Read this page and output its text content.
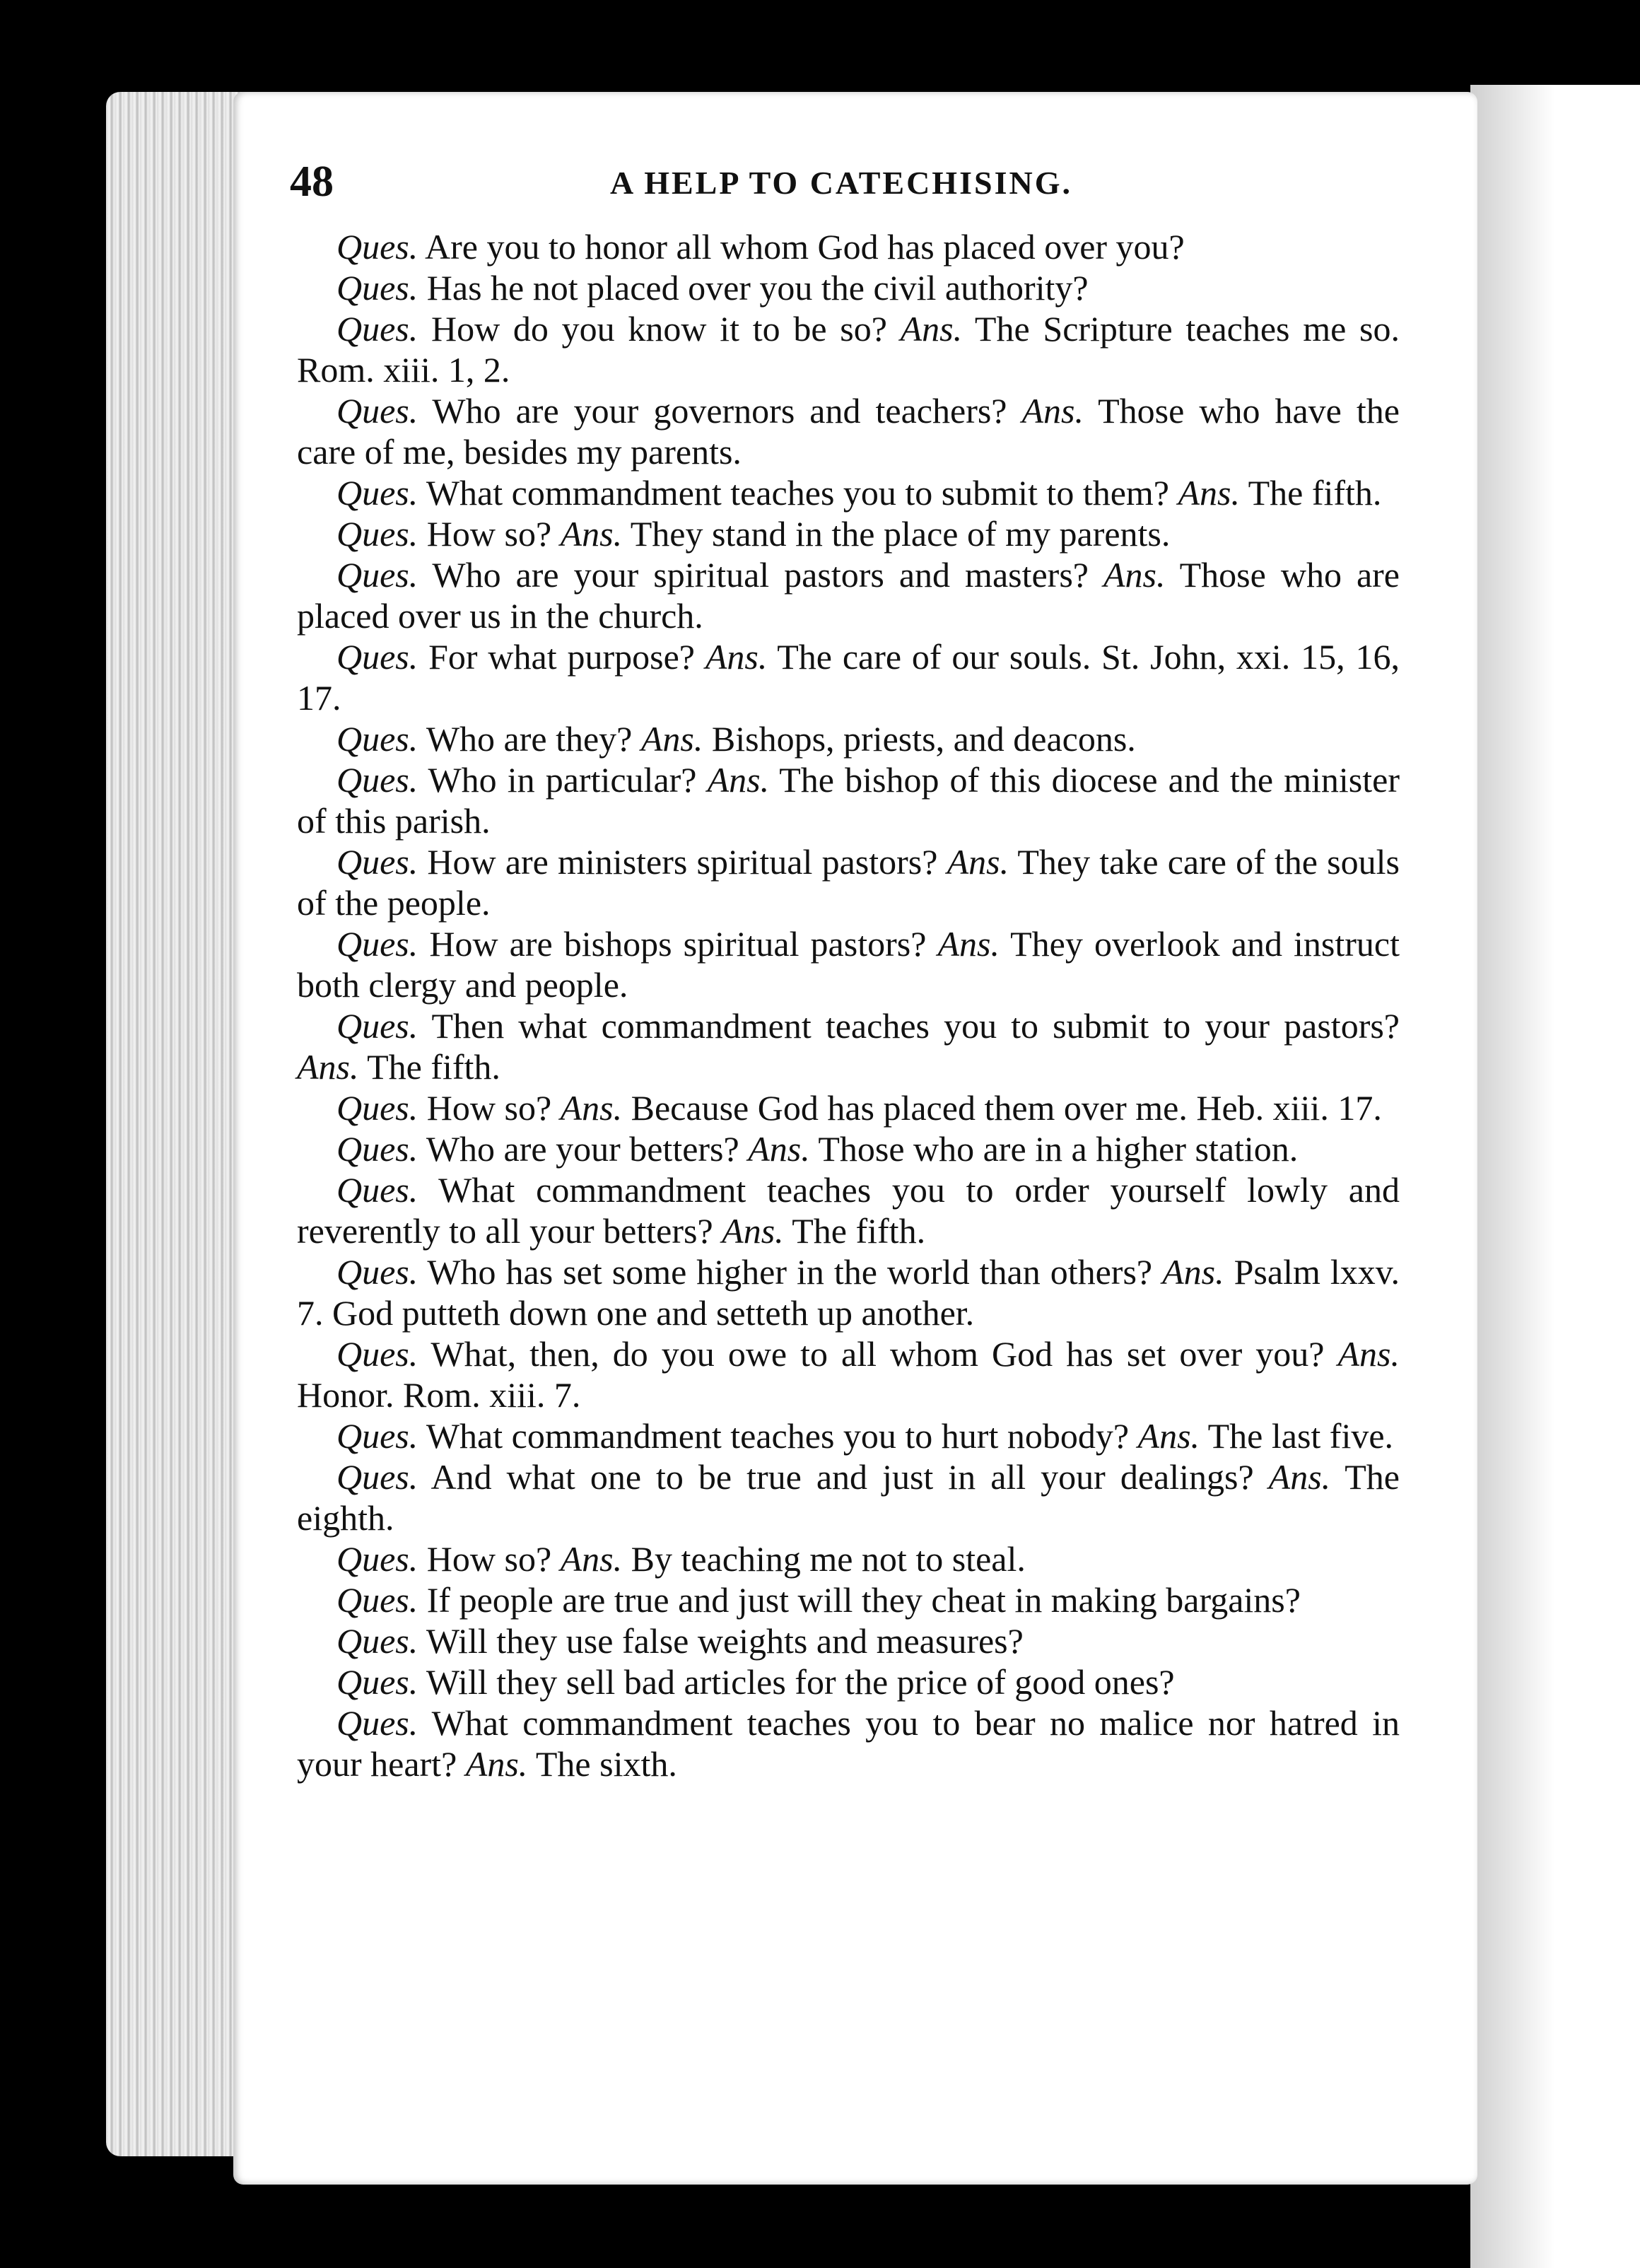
48	A HELP TO CATECHISING.

Ques. Are you to honor all whom God has placed over you?

Ques. Has he not placed over you the civil authority?

Ques. How do you know it to be so? Ans. The Scripture teaches me so. Rom. xiii. 1, 2.

Ques. Who are your governors and teachers? Ans. Those who have the care of me, besides my parents.

Ques. What commandment teaches you to submit to them? Ans. The fifth.

Ques. How so? Ans. They stand in the place of my parents.

Ques. Who are your spiritual pastors and masters? Ans. Those who are placed over us in the church.

Ques. For what purpose? Ans. The care of our souls. St. John, xxi. 15, 16, 17.

Ques. Who are they? Ans. Bishops, priests, and deacons.

Ques. Who in particular? Ans. The bishop of this diocese and the minister of this parish.

Ques. How are ministers spiritual pastors? Ans. They take care of the souls of the people.

Ques. How are bishops spiritual pastors? Ans. They overlook and instruct both clergy and people.

Ques. Then what commandment teaches you to submit to your pastors? Ans. The fifth.

Ques. How so? Ans. Because God has placed them over me. Heb. xiii. 17.

Ques. Who are your betters? Ans. Those who are in a higher station.

Ques. What commandment teaches you to order yourself lowly and reverently to all your betters? Ans. The fifth.

Ques. Who has set some higher in the world than others? Ans. Psalm lxxv. 7. God putteth down one and setteth up another.

Ques. What, then, do you owe to all whom God has set over you? Ans. Honor. Rom. xiii. 7.

Ques. What commandment teaches you to hurt nobody? Ans. The last five.

Ques. And what one to be true and just in all your dealings? Ans. The eighth.

Ques. How so? Ans. By teaching me not to steal.

Ques. If people are true and just will they cheat in making bargains?

Ques. Will they use false weights and measures?

Ques. Will they sell bad articles for the price of good ones?

Ques. What commandment teaches you to bear no malice nor hatred in your heart? Ans. The sixth.
